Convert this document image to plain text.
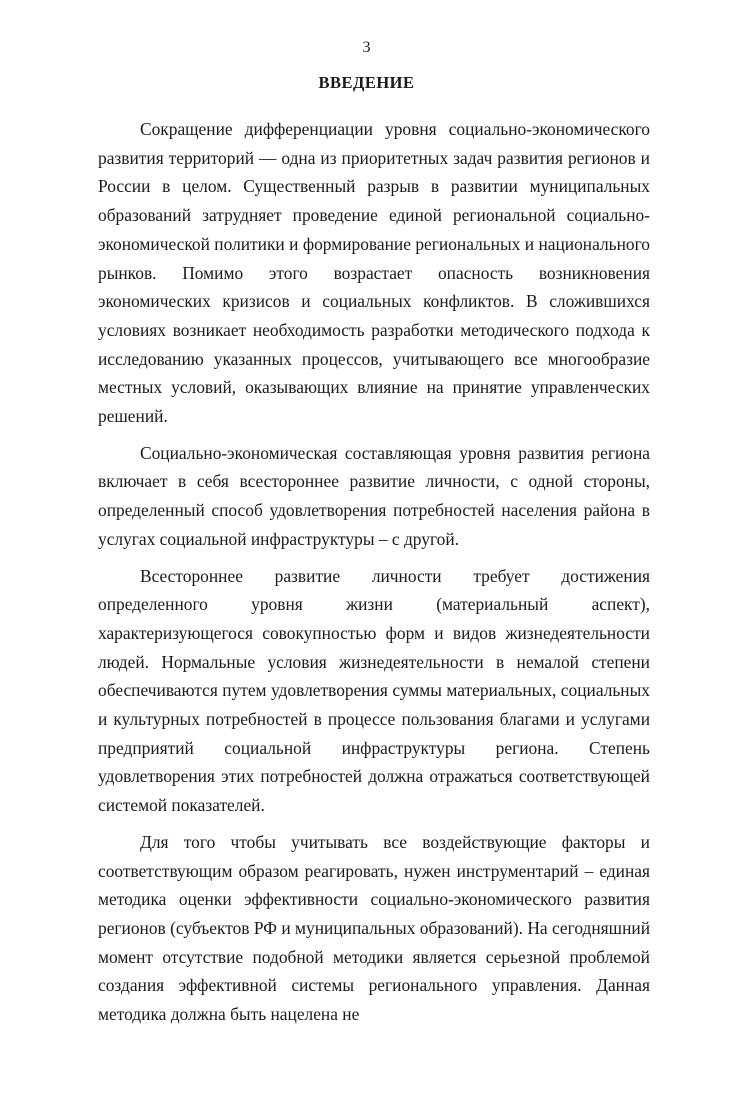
3
ВВЕДЕНИЕ

Сокращение дифференциации уровня социально-экономического развития территорий — одна из приоритетных задач развития регионов и России в целом. Существенный разрыв в развитии муниципальных образований затрудняет проведение единой региональной социально-экономической политики и формирование региональных и национального рынков. Помимо этого возрастает опасность возникновения экономических кризисов и социальных конфликтов. В сложившихся условиях возникает необходимость разработки методического подхода к исследованию указанных процессов, учитывающего все многообразие местных условий, оказывающих влияние на принятие управленческих решений.

Социально-экономическая составляющая уровня развития региона включает в себя всестороннее развитие личности, с одной стороны, определенный способ удовлетворения потребностей населения района в услугах социальной инфраструктуры – с другой.

Всестороннее развитие личности требует достижения определенного уровня жизни (материальный аспект), характеризующегося совокупностью форм и видов жизнедеятельности людей. Нормальные условия жизнедеятельности в немалой степени обеспечиваются путем удовлетворения суммы материальных, социальных и культурных потребностей в процессе пользования благами и услугами предприятий социальной инфраструктуры региона. Степень удовлетворения этих потребностей должна отражаться соответствующей системой показателей.

Для того чтобы учитывать все воздействующие факторы и соответствующим образом реагировать, нужен инструментарий – единая методика оценки эффективности социально-экономического развития регионов (субъектов РФ и муниципальных образований). На сегодняшний момент отсутствие подобной методики является серьезной проблемой создания эффективной системы регионального управления. Данная методика должна быть нацелена не
